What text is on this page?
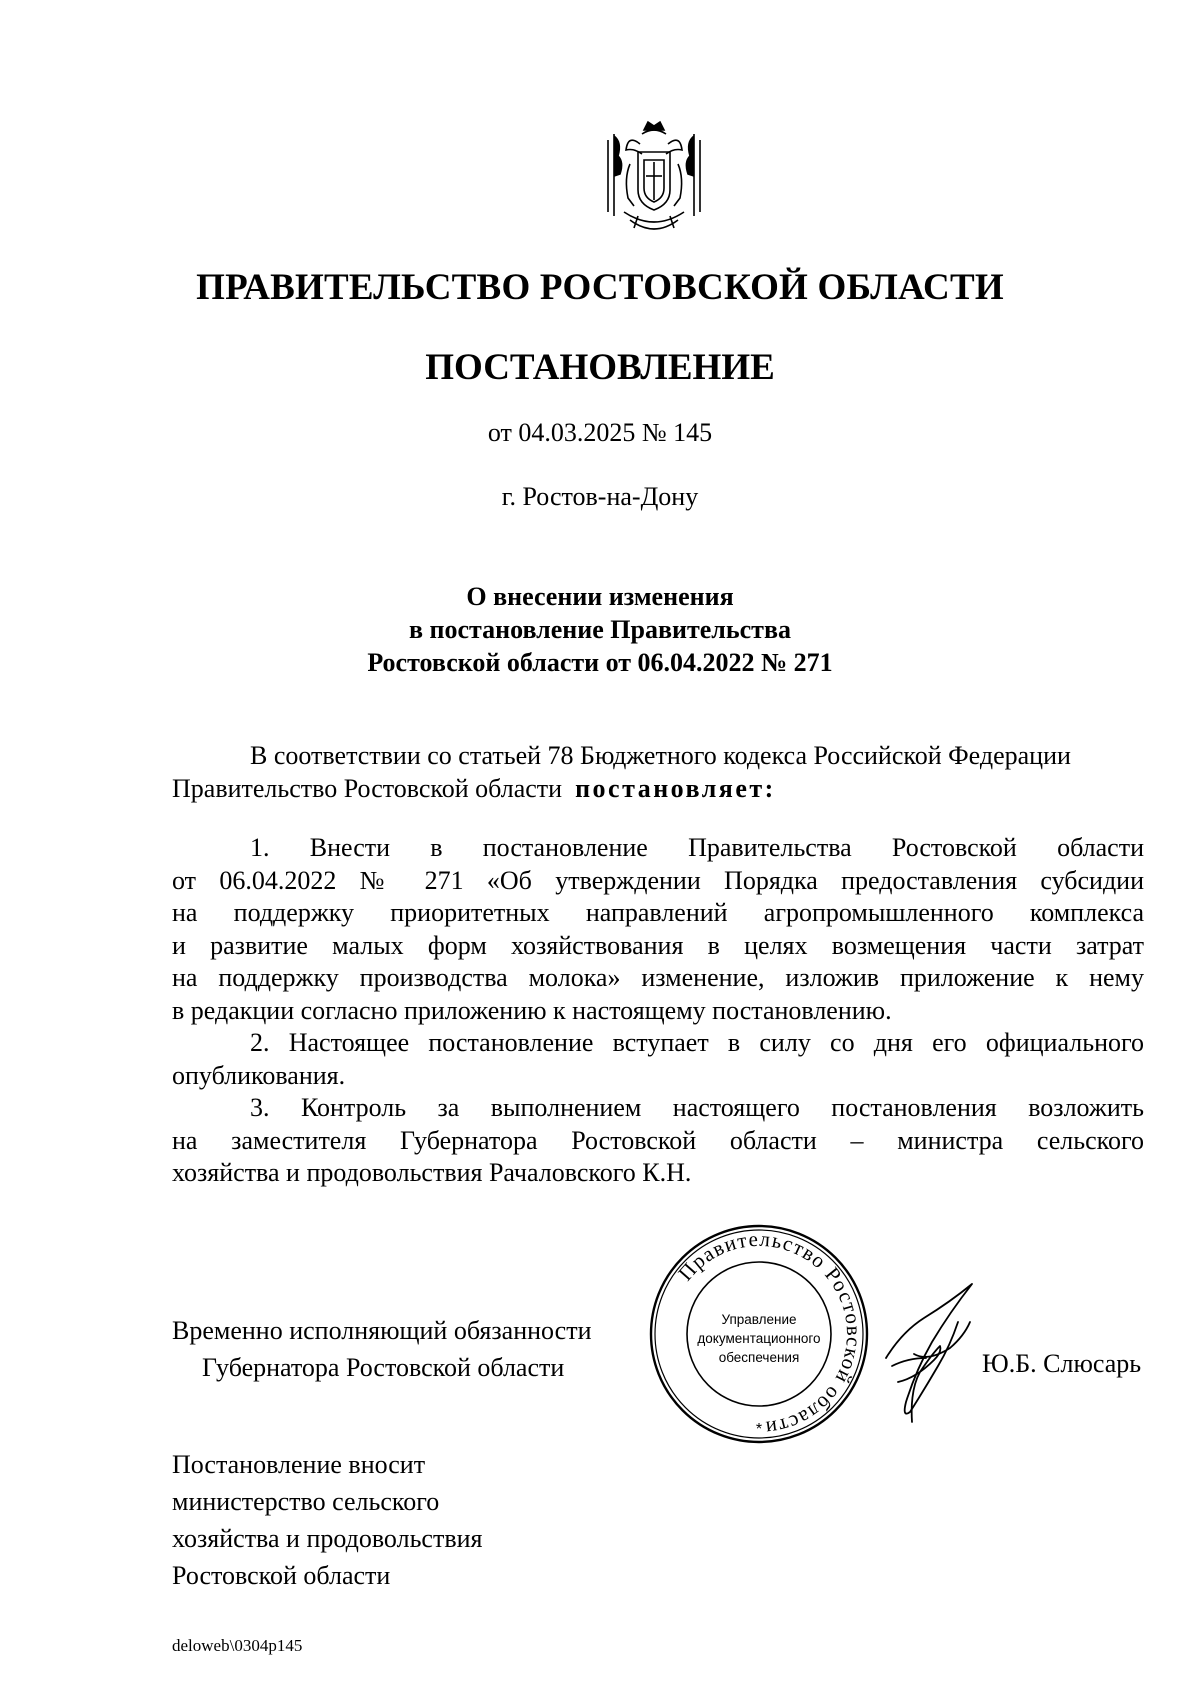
ПРАВИТЕЛЬСТВО РОСТОВСКОЙ ОБЛАСТИ
ПОСТАНОВЛЕНИЕ
от 04.03.2025 № 145
г. Ростов-на-Дону
О внесении изменения
в постановление Правительства
Ростовской области от 06.04.2022 № 271
В соответствии со статьей 78 Бюджетного кодекса Российской Федерации
Правительство Ростовской области постановляет:
1. Внести в постановление Правительства Ростовской области
от 06.04.2022 № 271 «Об утверждении Порядка предоставления субсидии
на поддержку приоритетных направлений агропромышленного комплекса
и развитие малых форм хозяйствования в целях возмещения части затрат
на поддержку производства молока» изменение, изложив приложение к нему
в редакции согласно приложению к настоящему постановлению.
2. Настоящее постановление вступает в силу со дня его официального
опубликования.
3. Контроль за выполнением настоящего постановления возложить
на заместителя Губернатора Ростовской области – министра сельского
хозяйства и продовольствия Рачаловского К.Н.
Временно исполняющий обязанности
Губернатора Ростовской области
Правительство Ростовской области
Управление
документационного
обеспечения
*
Ю.Б. Слюсарь
Постановление вносит
министерство сельского
хозяйства и продовольствия
Ростовской области
deloweb\0304p145
